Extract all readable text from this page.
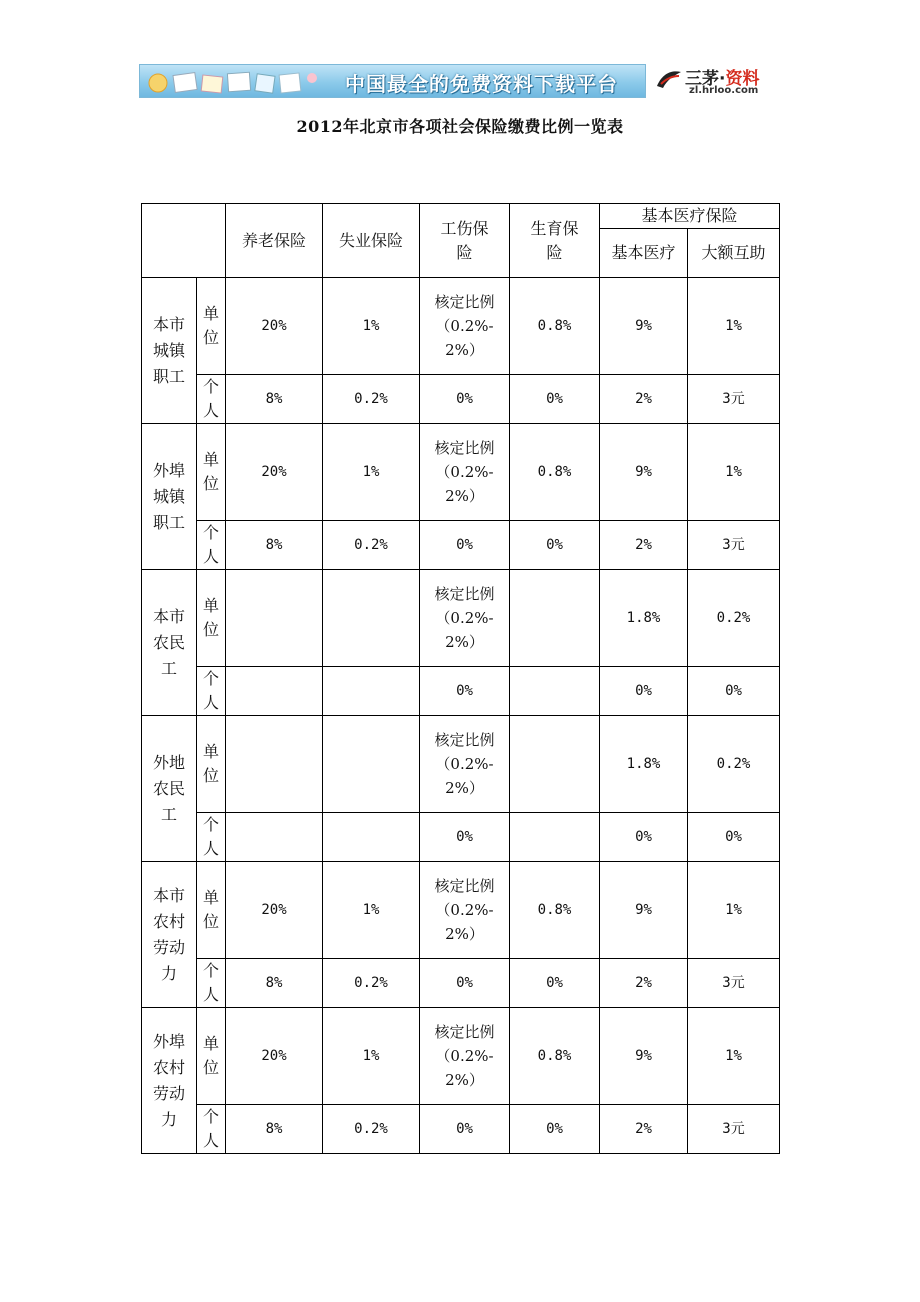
中国最全的免费资料下载平台	三茅·资料
zl.hrloo.com
2012年北京市各项社会保险缴费比例一览表
		养老保险	失业保险	工伤保险	生育保险	基本医疗保险	

						基本医疗	大额互助

本市城镇职工	单位	20%	1%	核定比例（0.2%-2%）	0.8%	9%	1%

	个人	8%	0.2%	0%	0%	2%	3元

外埠城镇职工	单位	20%	1%	核定比例（0.2%-2%）	0.8%	9%	1%

	个人	8%	0.2%	0%	0%	2%	3元

本市农民工	单位			核定比例（0.2%-2%）		1.8%	0.2%

	个人			0%		0%	0%

外地农民工	单位			核定比例（0.2%-2%）		1.8%	0.2%

	个人			0%		0%	0%

本市农村劳动力	单位	20%	1%	核定比例（0.2%-2%）	0.8%	9%	1%

	个人	8%	0.2%	0%	0%	2%	3元

外埠农村劳动力	单位	20%	1%	核定比例（0.2%-2%）	0.8%	9%	1%

	个人	8%	0.2%	0%	0%	2%	3元
